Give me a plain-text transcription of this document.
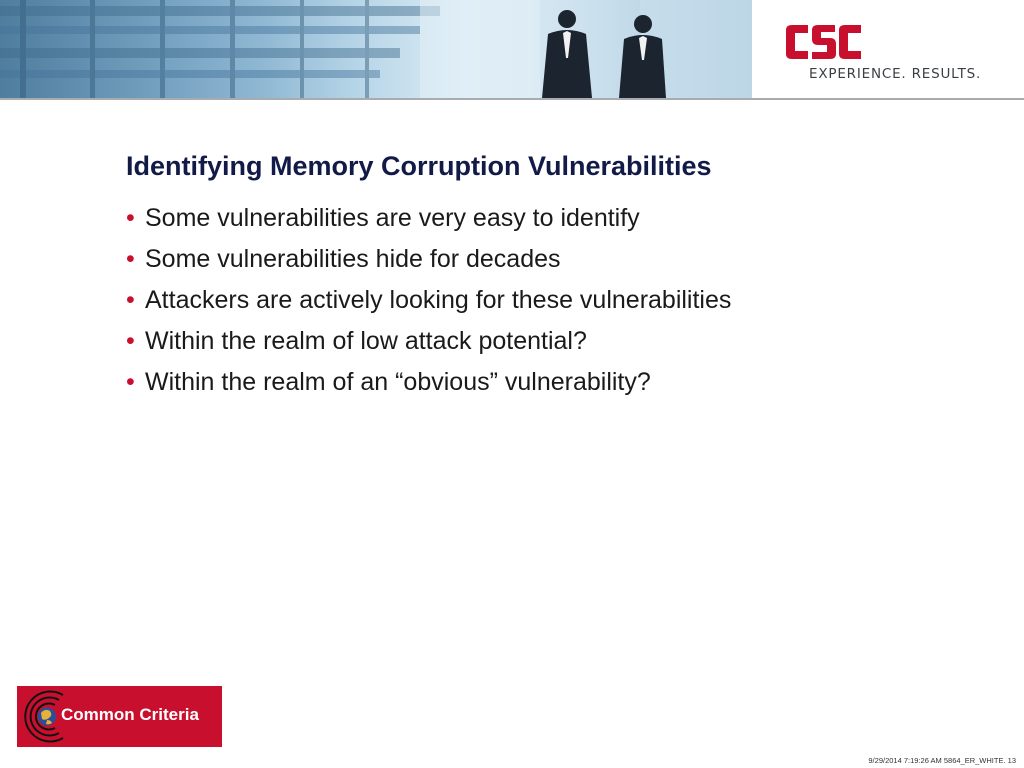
EXPERIENCE. RESULTS.
Identifying Memory Corruption Vulnerabilities
• Some vulnerabilities are very easy to identify
• Some vulnerabilities hide for decades
• Attackers are actively looking for these vulnerabilities
• Within the realm of low attack potential?
• Within the realm of an “obvious” vulnerability?
Common Criteria
9/29/2014 7:19:26 AM 5864_ER_WHITE. 13
